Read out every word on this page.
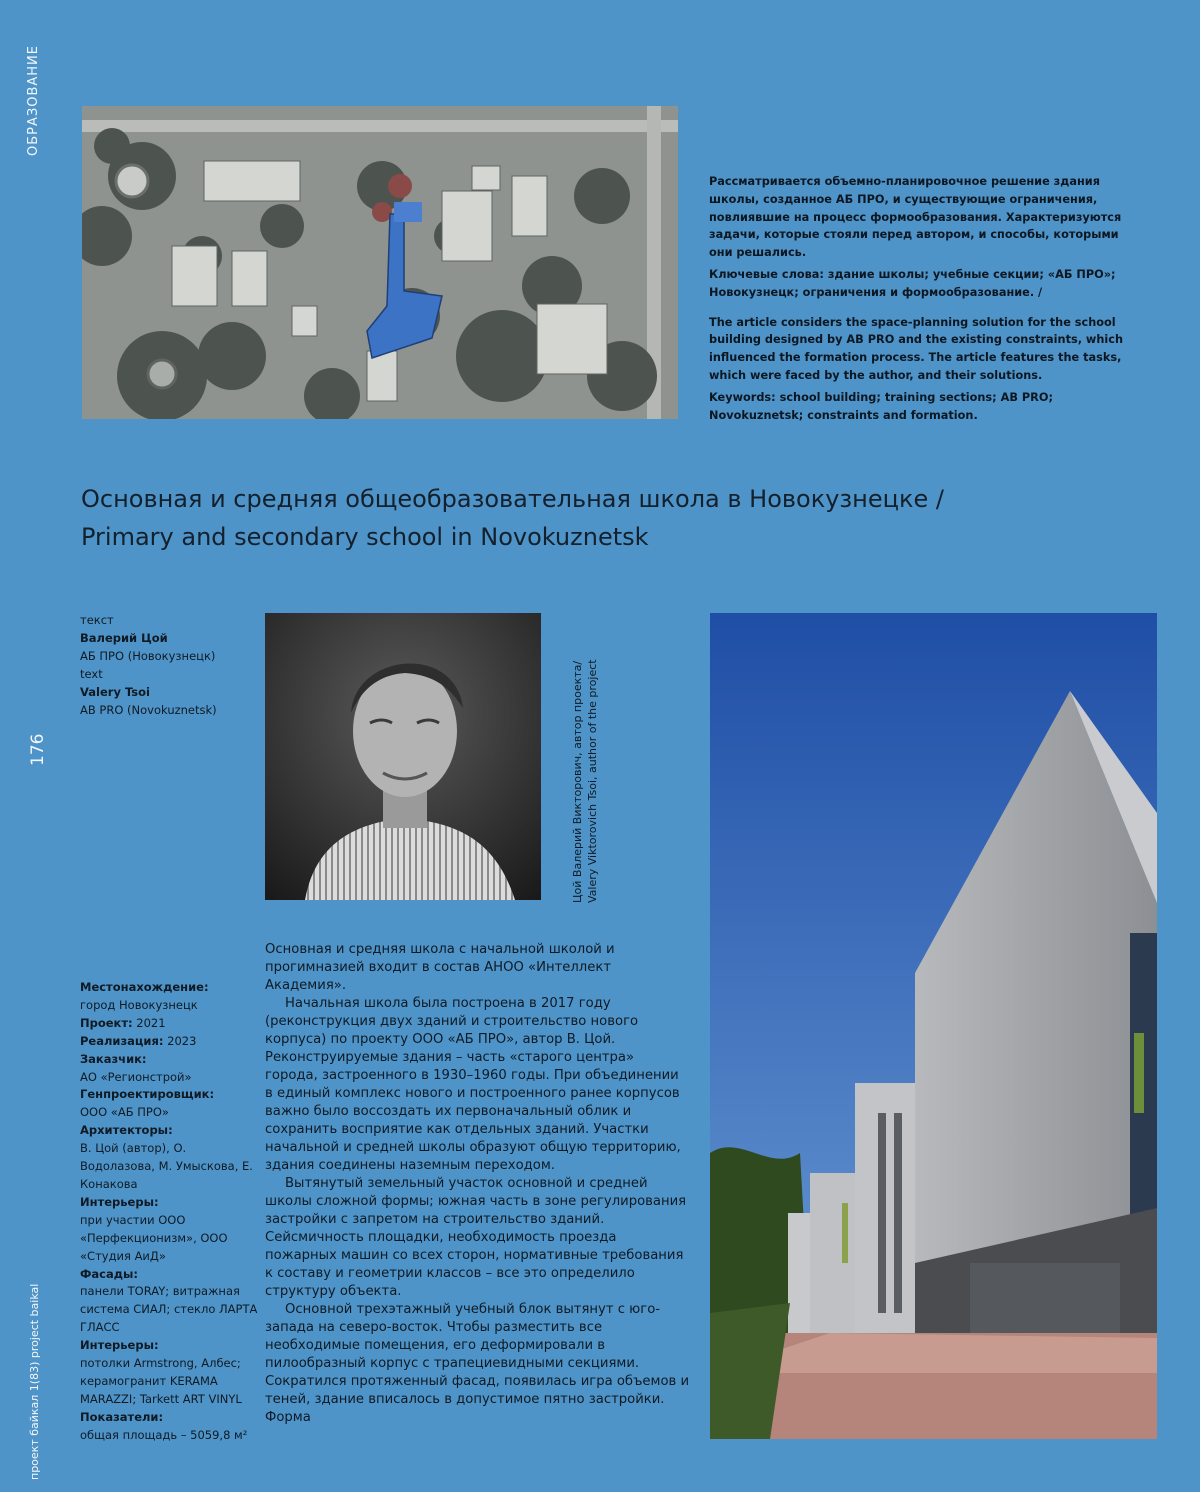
ОБРАЗОВАНИЕ
176
проект байкал 1(83) project baikal

Рассматривается объемно-планировочное решение здания школы, созданное АБ ПРО, и существующие ограничения, повлиявшие на процесс формообразования. Характеризуются задачи, которые стояли перед автором, и способы, которыми они решались.

Ключевые слова: здание школы; учебные секции; «АБ ПРО»; Новокузнецк; ограничения и формообразование. /

The article considers the space-planning solution for the school building designed by AB PRO and the existing constraints, which influenced the formation process. The article features the tasks, which were faced by the author, and their solutions.

Keywords: school building; training sections; AB PRO; Novokuznetsk; constraints and formation.

Основная и средняя общеобразовательная школа в Новокузнецке /
Primary and secondary school in Novokuznetsk
текст
Валерий Цой
АБ ПРО (Новокузнецк)
text
Valery Tsoi
AB PRO (Novokuznetsk)	Цой Валерий Викторович, автор проекта/ Valery Viktorovich Tsoi, author of the project
Местонахождение:
город Новокузнецк
Проект: 2021
Реализация: 2023
Заказчик:
АО «Регионстрой»
Генпроектировщик:
ООО «АБ ПРО»
Архитекторы:
В. Цой (автор), О. Водолазова, М. Умыскова, Е. Конакова
Интерьеры:
при участии ООО «Перфекционизм», ООО «Студия АиД»
Фасады:
панели TORAY; витражная система СИАЛ; стекло ЛАРТА ГЛАСС
Интерьеры:
потолки Armstrong, Албес; керамогранит KERAMA MARAZZI; Tarkett ART VINYL
Показатели:
общая площадь – 5059,8 м²

Основная и средняя школа с начальной школой и прогимназией входит в состав АНОО «Интеллект Академия».

Начальная школа была построена в 2017 году (реконструкция двух зданий и строительство нового корпуса) по проекту ООО «АБ ПРО», автор В. Цой. Реконструируемые здания – часть «старого центра» города, застроенного в 1930–1960 годы. При объединении в единый комплекс нового и построенного ранее корпусов важно было воссоздать их первоначальный облик и сохранить восприятие как отдельных зданий. Участки начальной и средней школы образуют общую территорию, здания соединены наземным переходом.

Вытянутый земельный участок основной и средней школы сложной формы; южная часть в зоне регулирования застройки с запретом на строительство зданий. Сейсмичность площадки, необходимость проезда пожарных машин со всех сторон, нормативные требования к составу и геометрии классов – все это определило структуру объекта.

Основной трехэтажный учебный блок вытянут с юго-запада на северо-восток. Чтобы разместить все необходимые помещения, его деформировали в пилообразный корпус с трапециевидными секциями. Сократился протяженный фасад, появилась игра объемов и теней, здание вписалось в допустимое пятно застройки. Форма
